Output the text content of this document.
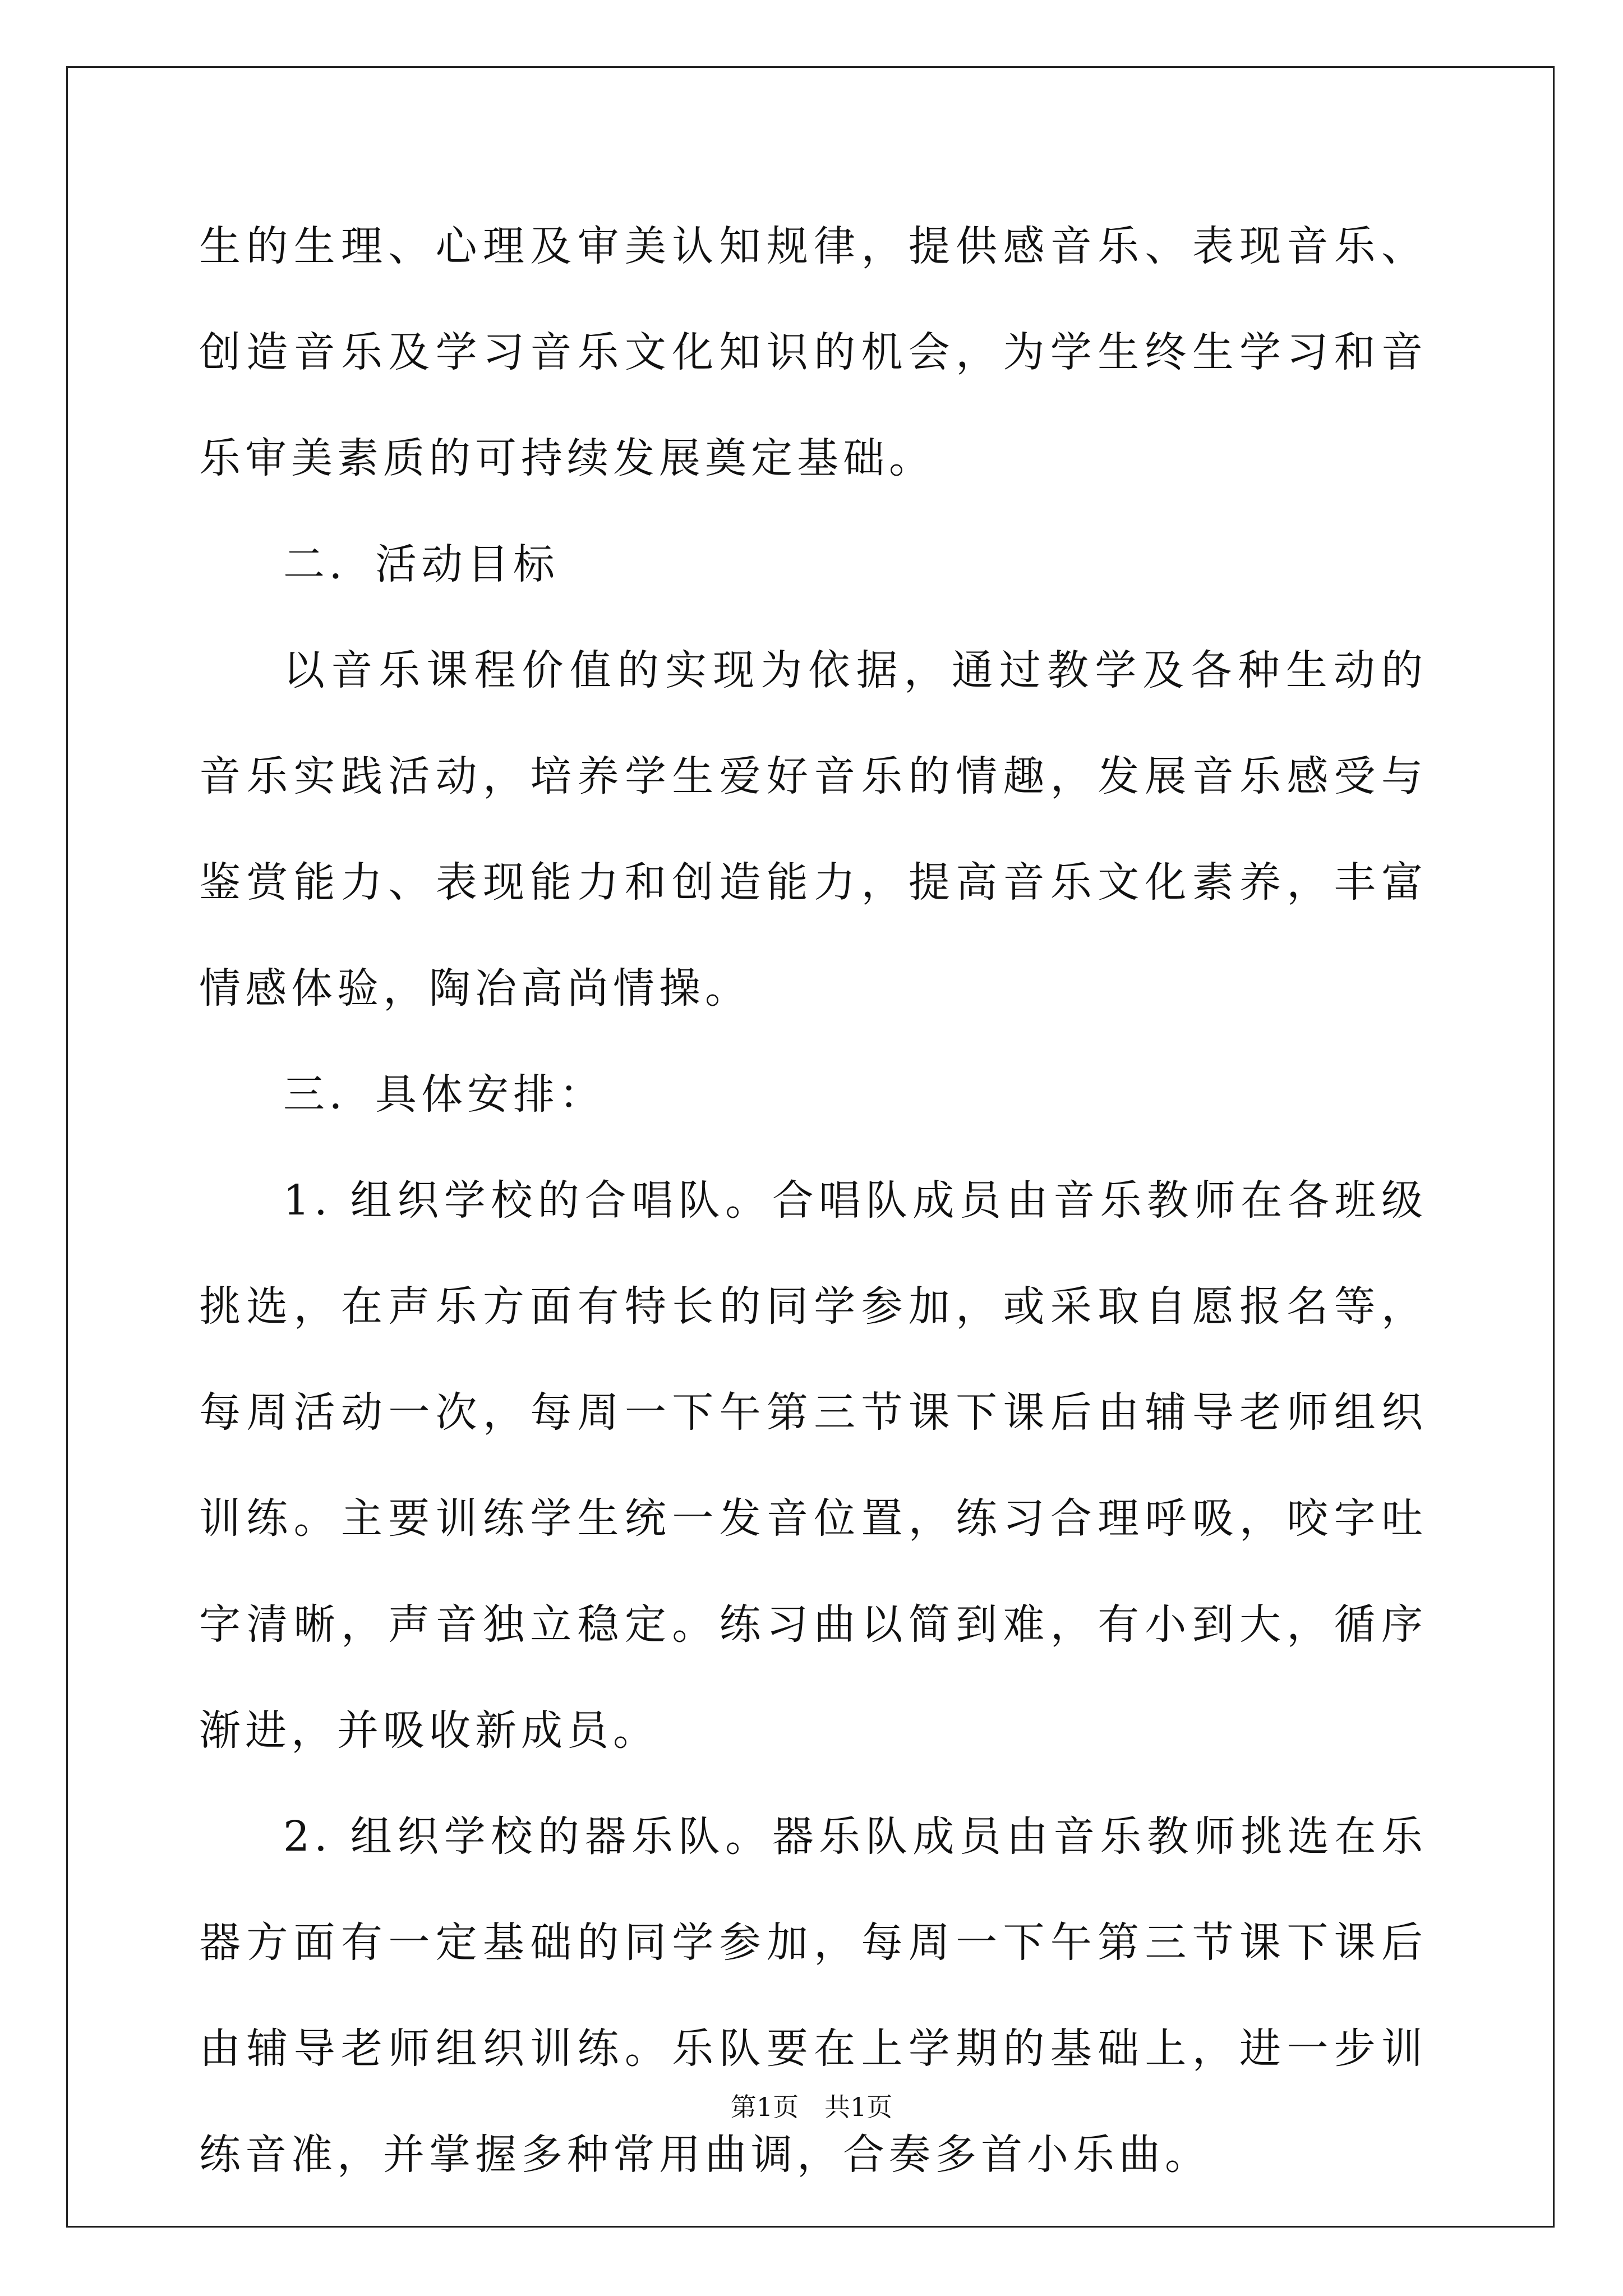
生的生理、心理及审美认知规律，提供感音乐、表现音乐、创造音乐及学习音乐文化知识的机会，为学生终生学习和音乐审美素质的可持续发展奠定基础。

二．活动目标

以音乐课程价值的实现为依据，通过教学及各种生动的音乐实践活动，培养学生爱好音乐的情趣，发展音乐感受与鉴赏能力、表现能力和创造能力，提高音乐文化素养，丰富情感体验，陶冶高尚情操。

三．具体安排：

1. 组织学校的合唱队。合唱队成员由音乐教师在各班级挑选，在声乐方面有特长的同学参加，或采取自愿报名等，每周活动一次，每周一下午第三节课下课后由辅导老师组织训练。主要训练学生统一发音位置，练习合理呼吸，咬字吐字清晰，声音独立稳定。练习曲以简到难，有小到大，循序渐进，并吸收新成员。

2. 组织学校的器乐队。器乐队成员由音乐教师挑选在乐器方面有一定基础的同学参加，每周一下午第三节课下课后由辅导老师组织训练。乐队要在上学期的基础上，进一步训练音准，并掌握多种常用曲调，合奏多首小乐曲。

第1页　共1页
